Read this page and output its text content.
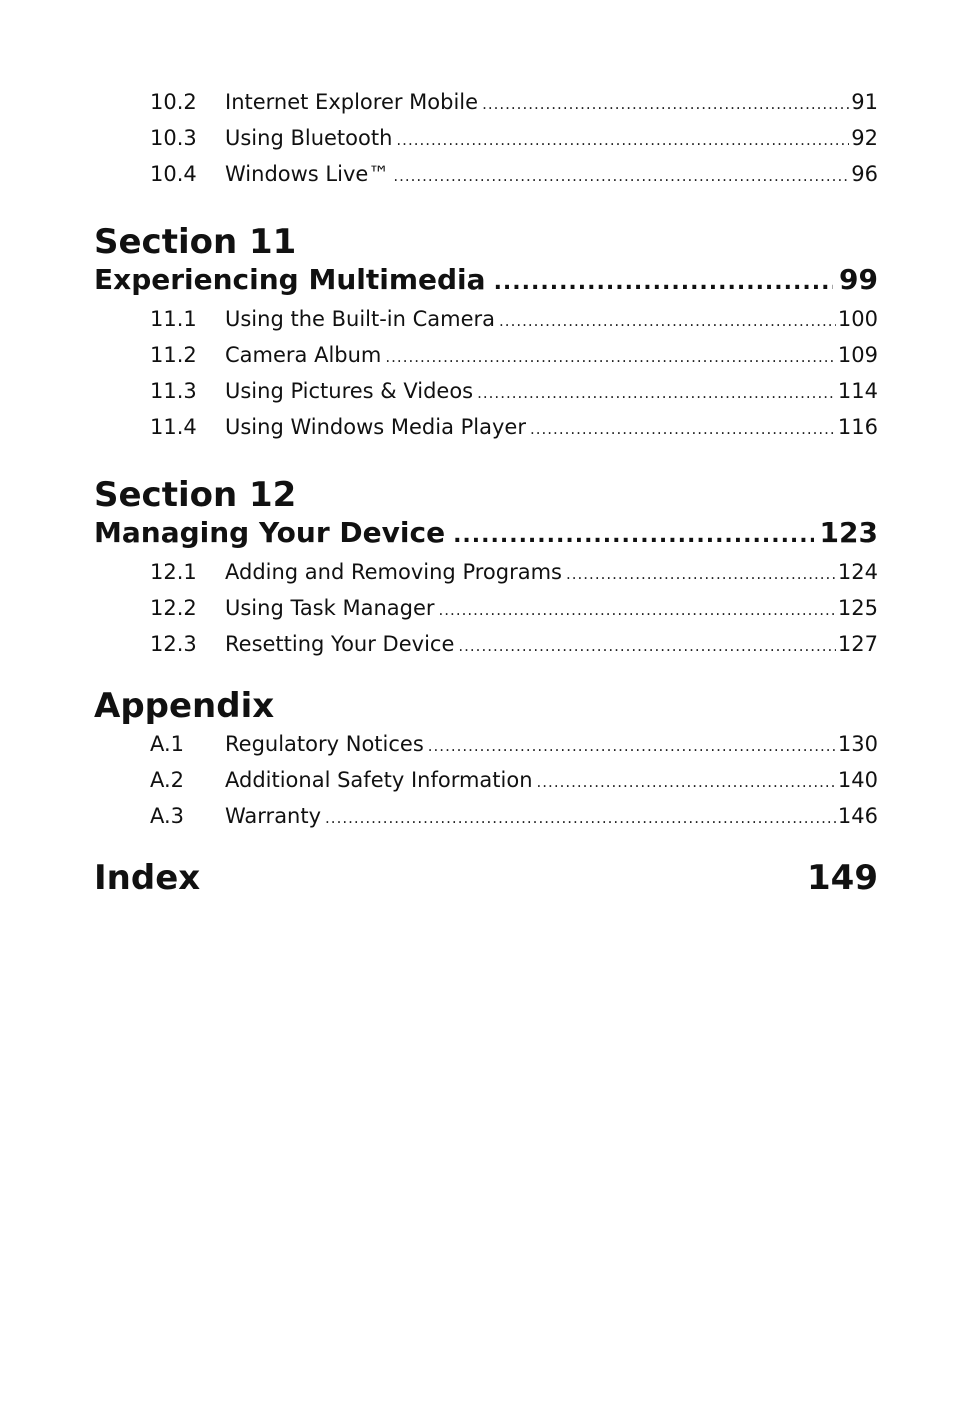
10.2 Internet Explorer Mobile .....	91
10.3 Using Bluetooth .....	92
10.4 Windows Live™ .....	96
Section 11
Experiencing Multimedia .....	99
11.1 Using the Built-in Camera .....	100
11.2 Camera Album .....	109
11.3 Using Pictures & Videos .....	114
11.4 Using Windows Media Player .....	116
Section 12
Managing Your Device .....	123
12.1 Adding and Removing Programs .....	124
12.2 Using Task Manager .....	125
12.3 Resetting Your Device .....	127
Appendix
A.1 Regulatory Notices .....	130
A.2 Additional Safety Information .....	140
A.3 Warranty .....	146
Index	149
